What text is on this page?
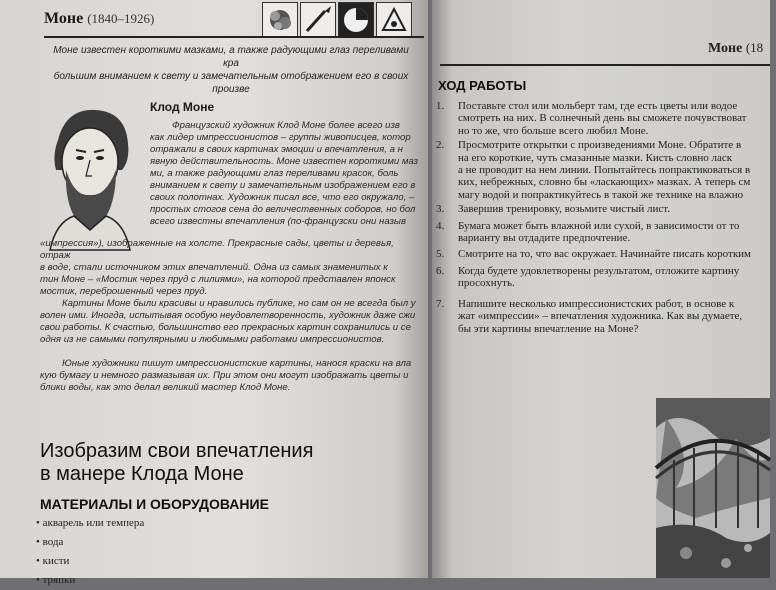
Моне (1840–1926)
Моне известен короткими мазками, а также радующими глаз переливами кра
большим вниманием к свету и замечательным отображением его в своих произве
Клод Моне
Французский художник Клод Моне более всего изв
как лидер импрессионистов – группы живописцев, котор
отражали в своих картинах эмоции и впечатления, а н
явную действительность. Моне известен короткими маз
ми, а также радующими глаз переливами красок, боль
вниманием к свету и замечательным изображением его в
своих полотнах. Художник писал все, что его окружало, –
простых стогов сена до величественных соборов, но бол
всего известны впечатления (по-французски они назыв
«импрессия»), изображенные на холсте. Прекрасные сады, цветы и деревья, отраж
в воде, стали источником этих впечатлений. Одна из самых знаменитых к
тин Моне – «Мостик через пруд с лилиями», на которой представлен японск
мостик, переброшенный через пруд.
Картины Моне были красивы и нравились публике, но сам он не всегда был у
волен ими. Иногда, испытывая особую неудовлетворенность, художник даже сжи
свои работы. К счастью, большинство его прекрасных картин сохранились и се
одня из не самыми популярными и любимыми работами импрессионистов.
Юные художники пишут импрессионистские картины, нанося краски на вла
кую бумагу и немного размазывая их. При этом они могут изображать цветы и
блики воды, как это делал великий мастер Клод Моне.
Изобразим свои впечатления
в манере Клода Моне
МАТЕРИАЛЫ И ОБОРУДОВАНИЕ
• акварель или темпера
• вода
• кисти
• тряпки
Моне (18
ХОД РАБОТЫ
1. Поставьте стол или мольберт там, где есть цветы или водое
смотреть на них. В солнечный день вы сможете почувствоват
но то же, что больше всего любил Моне.
2. Просмотрите открытки с произведениями Моне. Обратите в
на его короткие, чуть смазанные мазки. Кисть словно ласк
а не проводит на нем линии. Попытайтесь попрактиковаться в
ких, небрежных, словно бы «ласкающих» мазках. А теперь см
магу водой и попрактикуйтесь в такой же технике на влажно
3. Завершив тренировку, возьмите чистый лист.
4. Бумага может быть влажной или сухой, в зависимости от то
варианту вы отдадите предпочтение.
5. Смотрите на то, что вас окружает. Начинайте писать коротким
6. Когда будете удовлетворены результатом, отложите картину
просохнуть.
7. Напишите несколько импрессионистских работ, в основе к
жат «импрессии» – впечатления художника. Как вы думаете,
бы эти картины впечатление на Моне?
